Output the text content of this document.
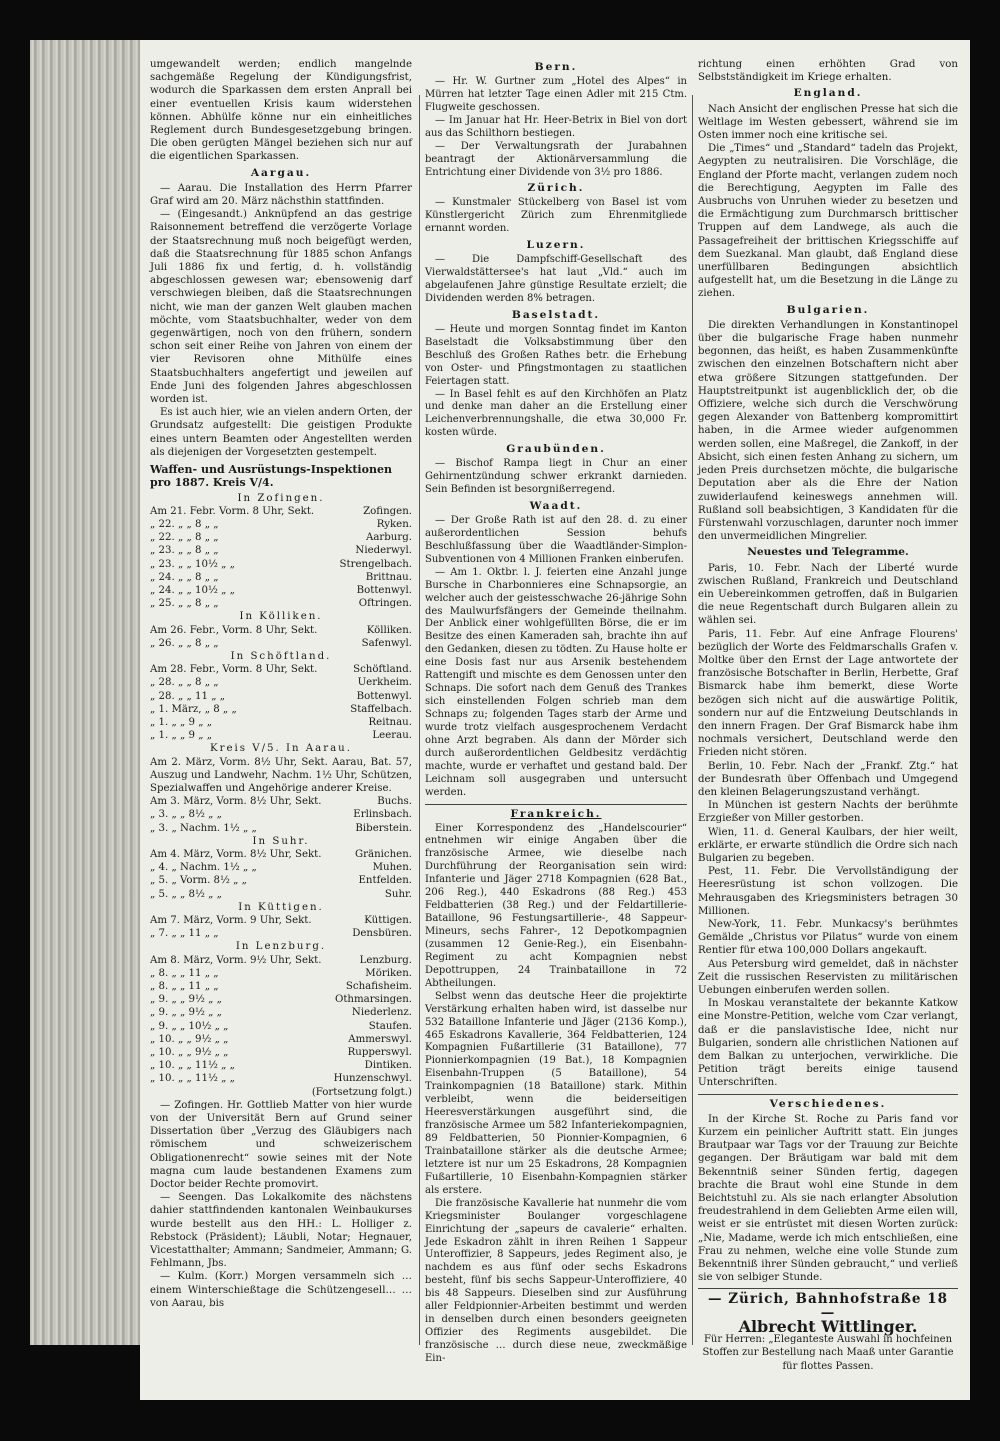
umgewandelt werden; endlich mangelnde sachgemäße Regelung der Kündigungsfrist, wodurch die Sparkassen dem ersten Anprall bei einer eventuellen Krisis kaum widerstehen können. Abhülfe könne nur ein einheitliches Reglement durch Bundesgesetzgebung bringen. Die oben gerügten Mängel beziehen sich nur auf die eigentlichen Sparkassen.

Aargau.

— Aarau. Die Installation des Herrn Pfarrer Graf wird am 20. März nächsthin stattfinden.

— (Eingesandt.) Anknüpfend an das gestrige Raisonnement betreffend die verzögerte Vorlage der Staatsrechnung muß noch beigefügt werden, daß die Staatsrechnung für 1885 schon Anfangs Juli 1886 fix und fertig, d. h. vollständig abgeschlossen gewesen war; ebensowenig darf verschwiegen bleiben, daß die Staatsrechnungen nicht, wie man der ganzen Welt glauben machen möchte, vom Staatsbuchhalter, weder von dem gegenwärtigen, noch von den frühern, sondern schon seit einer Reihe von Jahren von einem der vier Revisoren ohne Mithülfe eines Staatsbuchhalters angefertigt und jeweilen auf Ende Juni des folgenden Jahres abgeschlossen worden ist.

Es ist auch hier, wie an vielen andern Orten, der Grundsatz aufgestellt: Die geistigen Produkte eines untern Beamten oder Angestellten werden als diejenigen der Vorgesetzten gestempelt.

Waffen- und Ausrüstungs-Inspektionen pro 1887. Kreis V/4.
In Zofingen.
Am 21. Febr. Vorm. 8 Uhr, Sekt.	Zofingen.
„ 22. „ „ 8 „ „	Ryken.
„ 22. „ „ 8 „ „	Aarburg.
„ 23. „ „ 8 „ „	Niederwyl.
„ 23. „ „ 10½ „ „	Strengelbach.
„ 24. „ „ 8 „ „	Brittnau.
„ 24. „ „ 10½ „ „	Bottenwyl.
„ 25. „ „ 8 „ „	Oftringen.
In Kölliken.
Am 26. Febr., Vorm. 8 Uhr, Sekt.	Kölliken.
„ 26. „ „ 8 „ „	Safenwyl.
In Schöftland.
Am 28. Febr., Vorm. 8 Uhr, Sekt.	Schöftland.
„ 28. „ „ 8 „ „	Uerkheim.
„ 28. „ „ 11 „ „	Bottenwyl.
„ 1. März, „ 8 „ „	Staffelbach.
„ 1. „ „ 9 „ „	Reitnau.
„ 1. „ „ 9 „ „	Leerau.
Kreis V/5. In Aarau.

Am 2. März, Vorm. 8½ Uhr, Sekt. Aarau, Bat. 57, Auszug und Landwehr, Nachm. 1½ Uhr, Schützen, Spezialwaffen und Angehörige anderer Kreise.

Am 3. März, Vorm. 8½ Uhr, Sekt.	Buchs.
„ 3. „ „ 8½ „ „	Erlinsbach.
„ 3. „ Nachm. 1½ „ „	Biberstein.
In Suhr.
Am 4. März, Vorm. 8½ Uhr, Sekt.	Gränichen.
„ 4. „ Nachm. 1½ „ „	Muhen.
„ 5. „ Vorm. 8½ „ „	Entfelden.
„ 5. „ „ 8½ „ „	Suhr.
In Küttigen.
Am 7. März, Vorm. 9 Uhr, Sekt.	Küttigen.
„ 7. „ „ 11 „ „	Densbüren.
In Lenzburg.
Am 8. März, Vorm. 9½ Uhr, Sekt.	Lenzburg.
„ 8. „ „ 11 „ „	Möriken.
„ 8. „ „ 11 „ „	Schafisheim.
„ 9. „ „ 9½ „ „	Othmarsingen.
„ 9. „ „ 9½ „ „	Niederlenz.
„ 9. „ „ 10½ „ „	Staufen.
„ 10. „ „ 9½ „ „	Ammerswyl.
„ 10. „ „ 9½ „ „	Rupperswyl.
„ 10. „ „ 11½ „ „	Dintiken.
„ 10. „ „ 11½ „ „	Hunzenschwyl.
(Fortsetzung folgt.)

— Zofingen. Hr. Gottlieb Matter von hier wurde von der Universität Bern auf Grund seiner Dissertation über „Verzug des Gläubigers nach römischem und schweizerischem Obligationenrecht“ sowie seines mit der Note magna cum laude bestandenen Examens zum Doctor beider Rechte promovirt.

— Seengen. Das Lokalkomite des nächstens dahier stattfindenden kantonalen Weinbaukurses wurde bestellt aus den HH.: L. Holliger z. Rebstock (Präsident); Läubli, Notar; Hegnauer, Vicestatthalter; Ammann; Sandmeier, Ammann; G. Fehlmann, Jbs.

— Kulm. (Korr.) Morgen versammeln sich … einem Winterschießtage die Schützengesell… … von Aarau, bis

Bern.

— Hr. W. Gurtner zum „Hotel des Alpes“ in Mürren hat letzter Tage einen Adler mit 215 Ctm. Flugweite geschossen.

— Im Januar hat Hr. Heer-Betrix in Biel von dort aus das Schilthorn bestiegen.

— Der Verwaltungsrath der Jurabahnen beantragt der Aktionärversammlung die Entrichtung einer Dividende von 3½ pro 1886.

Zürich.

— Kunstmaler Stückelberg von Basel ist vom Künstlergericht Zürich zum Ehrenmitgliede ernannt worden.

Luzern.

— Die Dampfschiff-Gesellschaft des Vierwaldstättersee's hat laut „Vld.“ auch im abgelaufenen Jahre günstige Resultate erzielt; die Dividenden werden 8% betragen.

Baselstadt.

— Heute und morgen Sonntag findet im Kanton Baselstadt die Volksabstimmung über den Beschluß des Großen Rathes betr. die Erhebung von Oster- und Pfingstmontagen zu staatlichen Feiertagen statt.

— In Basel fehlt es auf den Kirchhöfen an Platz und denke man daher an die Erstellung einer Leichenverbrennungshalle, die etwa 30,000 Fr. kosten würde.

Graubünden.

— Bischof Rampa liegt in Chur an einer Gehirnentzündung schwer erkrankt darnieden. Sein Befinden ist besorgnißerregend.

Waadt.

— Der Große Rath ist auf den 28. d. zu einer außerordentlichen Session behufs Beschlußfassung über die Waadtländer-Simplon-Subventionen von 4 Millionen Franken einberufen.

— Am 1. Oktbr. l. J. feierten eine Anzahl junge Bursche in Charbonnieres eine Schnapsorgie, an welcher auch der geistesschwache 26-jährige Sohn des Maulwurfsfängers der Gemeinde theilnahm. Der Anblick einer wohlgefüllten Börse, die er im Besitze des einen Kameraden sah, brachte ihn auf den Gedanken, diesen zu tödten. Zu Hause holte er eine Dosis fast nur aus Arsenik bestehendem Rattengift und mischte es dem Genossen unter den Schnaps. Die sofort nach dem Genuß des Trankes sich einstellenden Folgen schrieb man dem Schnaps zu; folgenden Tages starb der Arme und wurde trotz vielfach ausgesprochenem Verdacht ohne Arzt begraben. Als dann der Mörder sich durch außerordentlichen Geldbesitz verdächtig machte, wurde er verhaftet und gestand bald. Der Leichnam soll ausgegraben und untersucht werden.

Frankreich.

Einer Korrespondenz des „Handelscourier“ entnehmen wir einige Angaben über die französische Armee, wie dieselbe nach Durchführung der Reorganisation sein wird: Infanterie und Jäger 2718 Kompagnien (628 Bat., 206 Reg.), 440 Eskadrons (88 Reg.) 453 Feldbatterien (38 Reg.) und der Feldartillerie-Bataillone, 96 Festungsartillerie-, 48 Sappeur-Mineurs, sechs Fahrer-, 12 Depotkompagnien (zusammen 12 Genie-Reg.), ein Eisenbahn-Regiment zu acht Kompagnien nebst Depottruppen, 24 Trainbataillone in 72 Abtheilungen.

Selbst wenn das deutsche Heer die projektirte Verstärkung erhalten haben wird, ist dasselbe nur 532 Bataillone Infanterie und Jäger (2136 Komp.), 465 Eskadrons Kavallerie, 364 Feldbatterien, 124 Kompagnien Fußartillerie (31 Bataillone), 77 Pionnierkompagnien (19 Bat.), 18 Kompagnien Eisenbahn-Truppen (5 Bataillone), 54 Trainkompagnien (18 Bataillone) stark. Mithin verbleibt, wenn die beiderseitigen Heeresverstärkungen ausgeführt sind, die französische Armee um 582 Infanteriekompagnien, 89 Feldbatterien, 50 Pionnier-Kompagnien, 6 Trainbataillone stärker als die deutsche Armee; letztere ist nur um 25 Eskadrons, 28 Kompagnien Fußartillerie, 10 Eisenbahn-Kompagnien stärker als erstere.

Die französische Kavallerie hat nunmehr die vom Kriegsminister Boulanger vorgeschlagene Einrichtung der „sapeurs de cavalerie“ erhalten. Jede Eskadron zählt in ihren Reihen 1 Sappeur Unteroffizier, 8 Sappeurs, jedes Regiment also, je nachdem es aus fünf oder sechs Eskadrons besteht, fünf bis sechs Sappeur-Unteroffiziere, 40 bis 48 Sappeurs. Dieselben sind zur Ausführung aller Feldpionnier-Arbeiten bestimmt und werden in denselben durch einen besonders geeigneten Offizier des Regiments ausgebildet. Die französische … durch diese neue, zweckmäßige Ein-

richtung einen erhöhten Grad von Selbstständigkeit im Kriege erhalten.

England.

Nach Ansicht der englischen Presse hat sich die Weltlage im Westen gebessert, während sie im Osten immer noch eine kritische sei.

Die „Times“ und „Standard“ tadeln das Projekt, Aegypten zu neutralisiren. Die Vorschläge, die England der Pforte macht, verlangen zudem noch die Berechtigung, Aegypten im Falle des Ausbruchs von Unruhen wieder zu besetzen und die Ermächtigung zum Durchmarsch brittischer Truppen auf dem Landwege, als auch die Passagefreiheit der brittischen Kriegsschiffe auf dem Suezkanal. Man glaubt, daß England diese unerfüllbaren Bedingungen absichtlich aufgestellt hat, um die Besetzung in die Länge zu ziehen.

Bulgarien.

Die direkten Verhandlungen in Konstantinopel über die bulgarische Frage haben nunmehr begonnen, das heißt, es haben Zusammenkünfte zwischen den einzelnen Botschaftern nicht aber etwa größere Sitzungen stattgefunden. Der Hauptstreitpunkt ist augenblicklich der, ob die Offiziere, welche sich durch die Verschwörung gegen Alexander von Battenberg kompromittirt haben, in die Armee wieder aufgenommen werden sollen, eine Maßregel, die Zankoff, in der Absicht, sich einen festen Anhang zu sichern, um jeden Preis durchsetzen möchte, die bulgarische Deputation aber als die Ehre der Nation zuwiderlaufend keineswegs annehmen will. Rußland soll beabsichtigen, 3 Kandidaten für die Fürstenwahl vorzuschlagen, darunter noch immer den unvermeidlichen Mingrelier.

Neuestes und Telegramme.

Paris, 10. Febr. Nach der Liberté wurde zwischen Rußland, Frankreich und Deutschland ein Uebereinkommen getroffen, daß in Bulgarien die neue Regentschaft durch Bulgaren allein zu wählen sei.

Paris, 11. Febr. Auf eine Anfrage Flourens' bezüglich der Worte des Feldmarschalls Grafen v. Moltke über den Ernst der Lage antwortete der französische Botschafter in Berlin, Herbette, Graf Bismarck habe ihm bemerkt, diese Worte bezögen sich nicht auf die auswärtige Politik, sondern nur auf die Entzweiung Deutschlands in den innern Fragen. Der Graf Bismarck habe ihm nochmals versichert, Deutschland werde den Frieden nicht stören.

Berlin, 10. Febr. Nach der „Frankf. Ztg.“ hat der Bundesrath über Offenbach und Umgegend den kleinen Belagerungszustand verhängt.

In München ist gestern Nachts der berühmte Erzgießer von Miller gestorben.

Wien, 11. d. General Kaulbars, der hier weilt, erklärte, er erwarte stündlich die Ordre sich nach Bulgarien zu begeben.

Pest, 11. Febr. Die Vervollständigung der Heeresrüstung ist schon vollzogen. Die Mehrausgaben des Kriegsministers betragen 30 Millionen.

New-York, 11. Febr. Munkacsy's berühmtes Gemälde „Christus vor Pilatus“ wurde von einem Rentier für etwa 100,000 Dollars angekauft.

Aus Petersburg wird gemeldet, daß in nächster Zeit die russischen Reservisten zu militärischen Uebungen einberufen werden sollen.

In Moskau veranstaltete der bekannte Katkow eine Monstre-Petition, welche vom Czar verlangt, daß er die panslavistische Idee, nicht nur Bulgarien, sondern alle christlichen Nationen auf dem Balkan zu unterjochen, verwirkliche. Die Petition trägt bereits einige tausend Unterschriften.

Verschiedenes.

In der Kirche St. Roche zu Paris fand vor Kurzem ein peinlicher Auftritt statt. Ein junges Brautpaar war Tags vor der Trauung zur Beichte gegangen. Der Bräutigam war bald mit dem Bekenntniß seiner Sünden fertig, dagegen brachte die Braut wohl eine Stunde in dem Beichtstuhl zu. Als sie nach erlangter Absolution freudestrahlend in dem Geliebten Arme eilen will, weist er sie entrüstet mit diesen Worten zurück: „Nie, Madame, werde ich mich entschließen, eine Frau zu nehmen, welche eine volle Stunde zum Bekenntniß ihrer Sünden gebraucht,“ und verließ sie von selbiger Stunde.

— Zürich, Bahnhofstraße 18 —
Albrecht Wittlinger.
Für Herren: „Eleganteste Auswahl in hochfeinen Stoffen zur Bestellung nach Maaß unter Garantie für flottes Passen.
